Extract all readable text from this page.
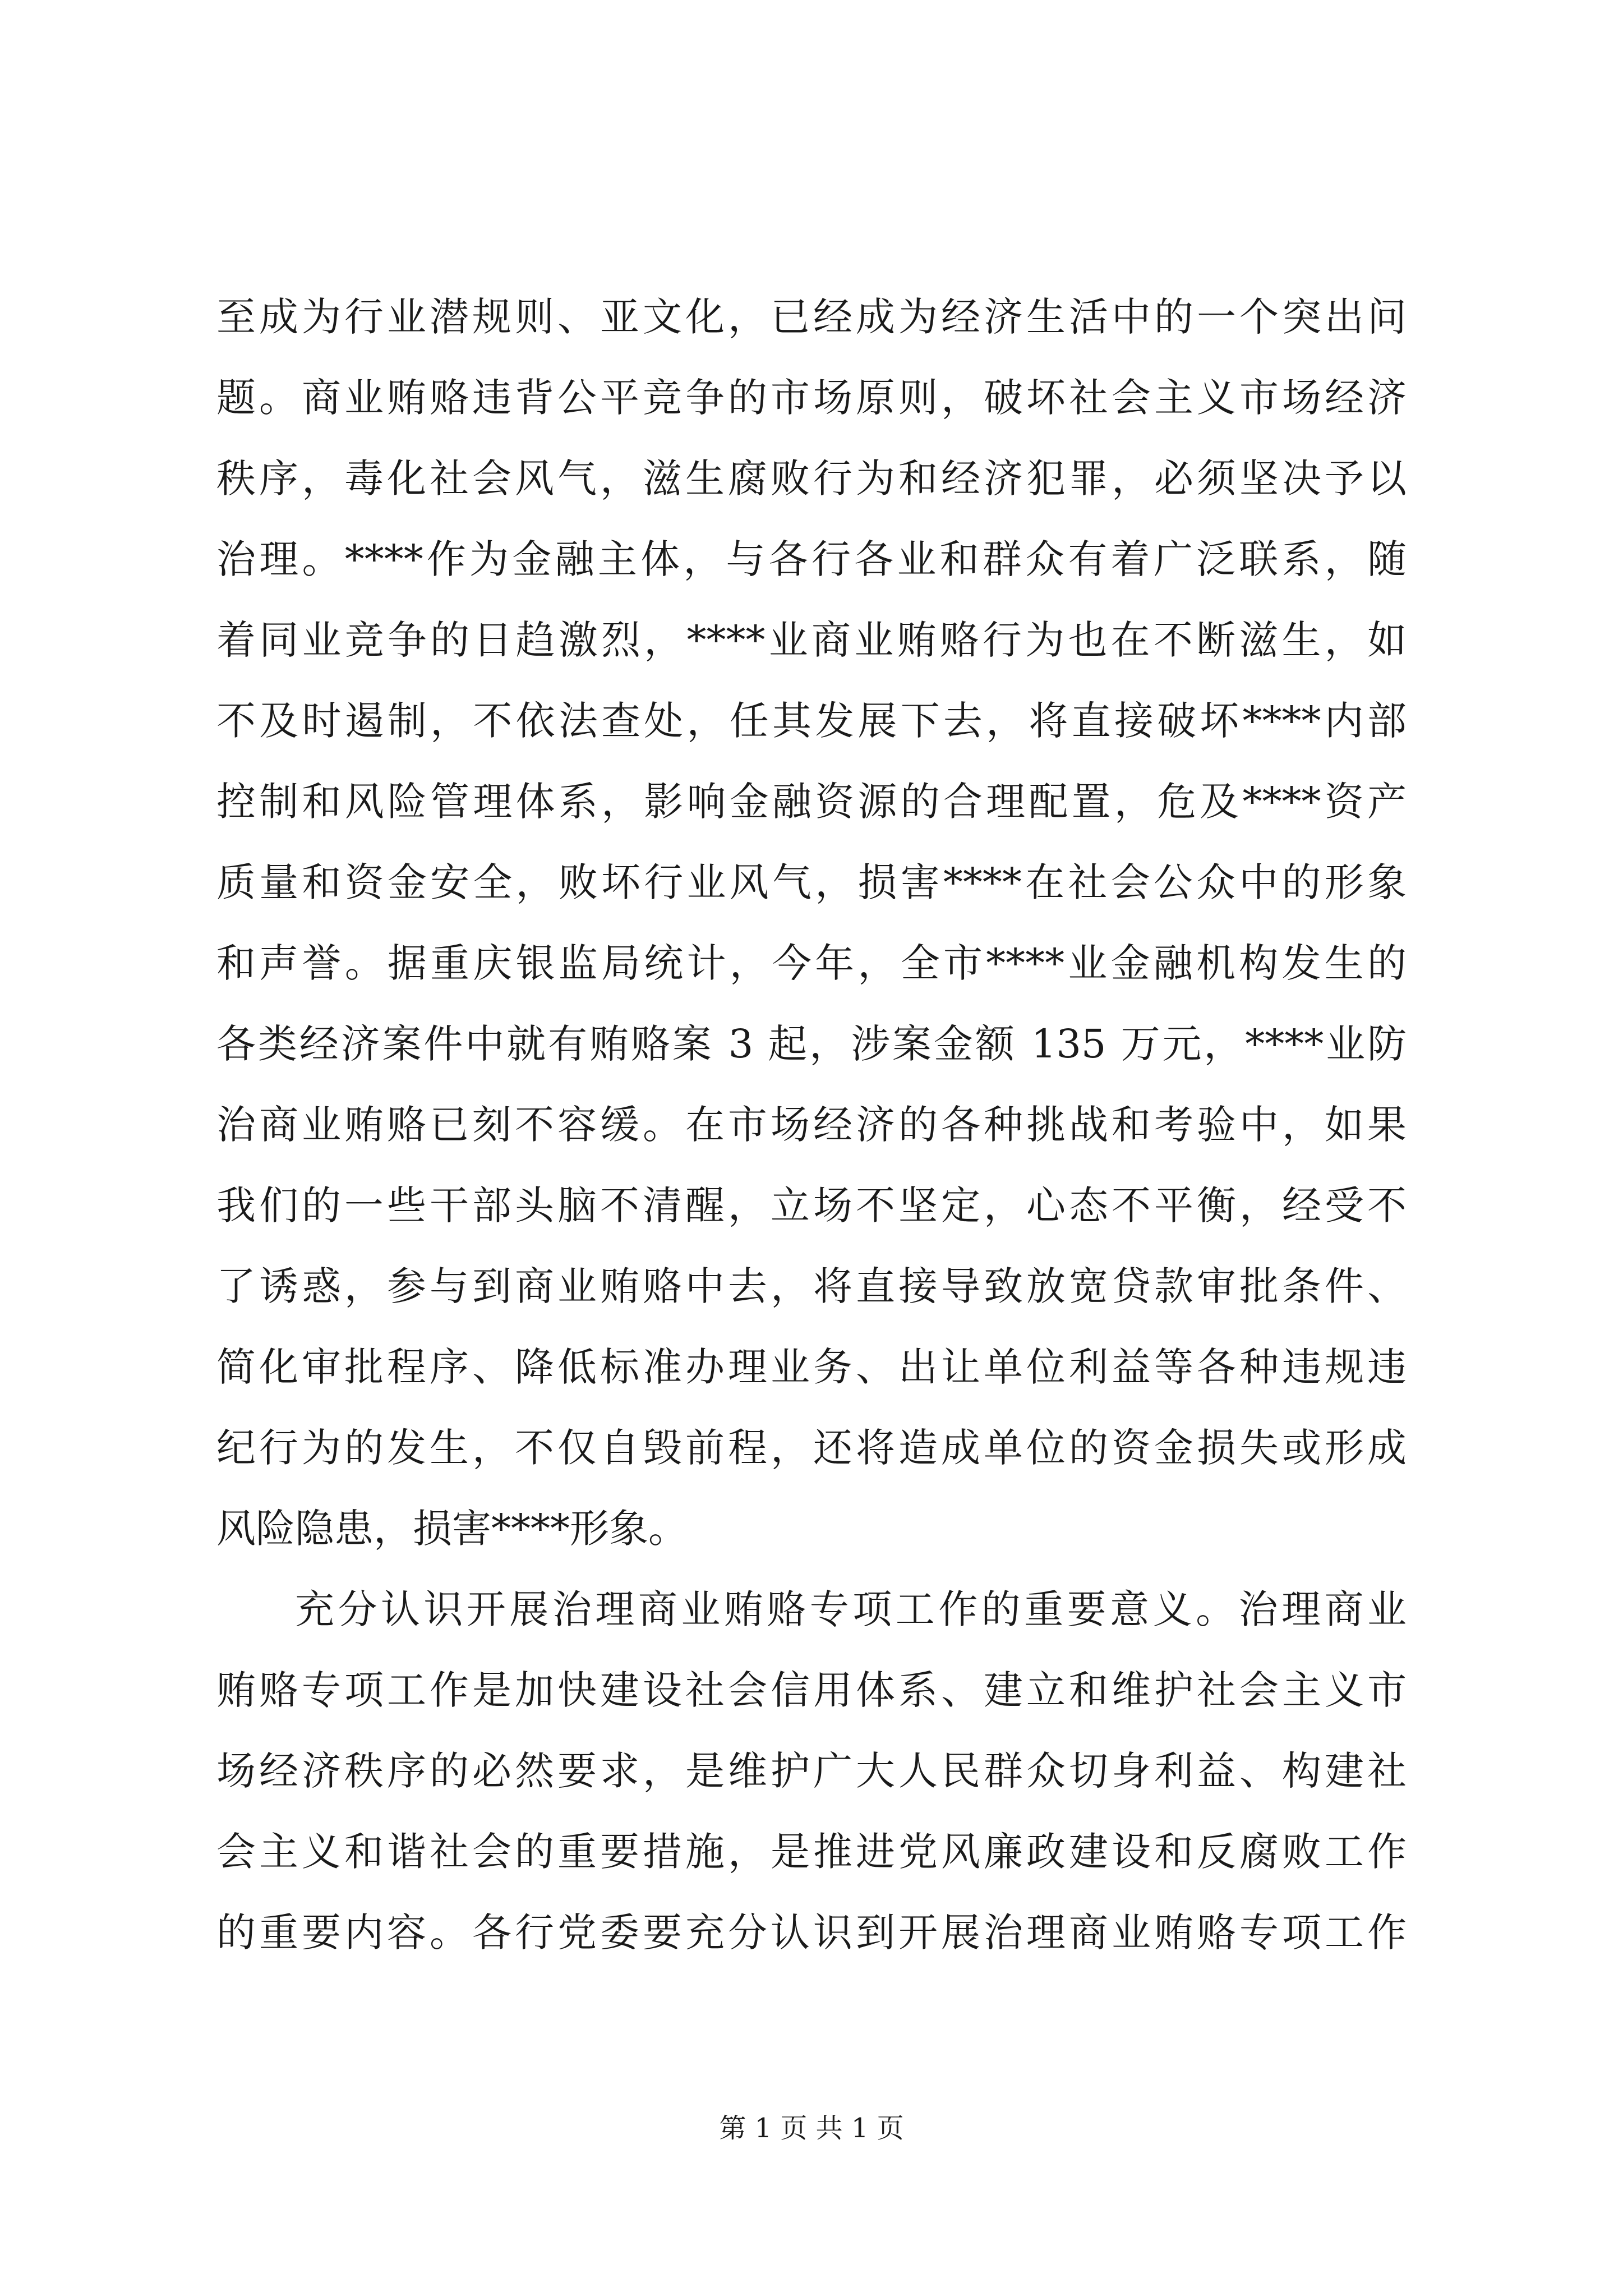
至成为行业潜规则、亚文化，已经成为经济生活中的一个突出问
题。商业贿赂违背公平竞争的市场原则，破坏社会主义市场经济
秩序，毒化社会风气，滋生腐败行为和经济犯罪，必须坚决予以
治理。****作为金融主体，与各行各业和群众有着广泛联系，随
着同业竞争的日趋激烈，****业商业贿赂行为也在不断滋生，如
不及时遏制，不依法查处，任其发展下去，将直接破坏****内部
控制和风险管理体系，影响金融资源的合理配置，危及****资产
质量和资金安全，败坏行业风气，损害****在社会公众中的形象
和声誉。据重庆银监局统计，今年，全市****业金融机构发生的
各类经济案件中就有贿赂案 3 起，涉案金额 135 万元，****业防
治商业贿赂已刻不容缓。在市场经济的各种挑战和考验中，如果
我们的一些干部头脑不清醒，立场不坚定，心态不平衡，经受不
了诱惑，参与到商业贿赂中去，将直接导致放宽贷款审批条件、
简化审批程序、降低标准办理业务、出让单位利益等各种违规违
纪行为的发生，不仅自毁前程，还将造成单位的资金损失或形成
风险隐患，损害****形象。
充分认识开展治理商业贿赂专项工作的重要意义。治理商业
贿赂专项工作是加快建设社会信用体系、建立和维护社会主义市
场经济秩序的必然要求，是维护广大人民群众切身利益、构建社
会主义和谐社会的重要措施，是推进党风廉政建设和反腐败工作
的重要内容。各行党委要充分认识到开展治理商业贿赂专项工作
第 1 页 共 1 页
